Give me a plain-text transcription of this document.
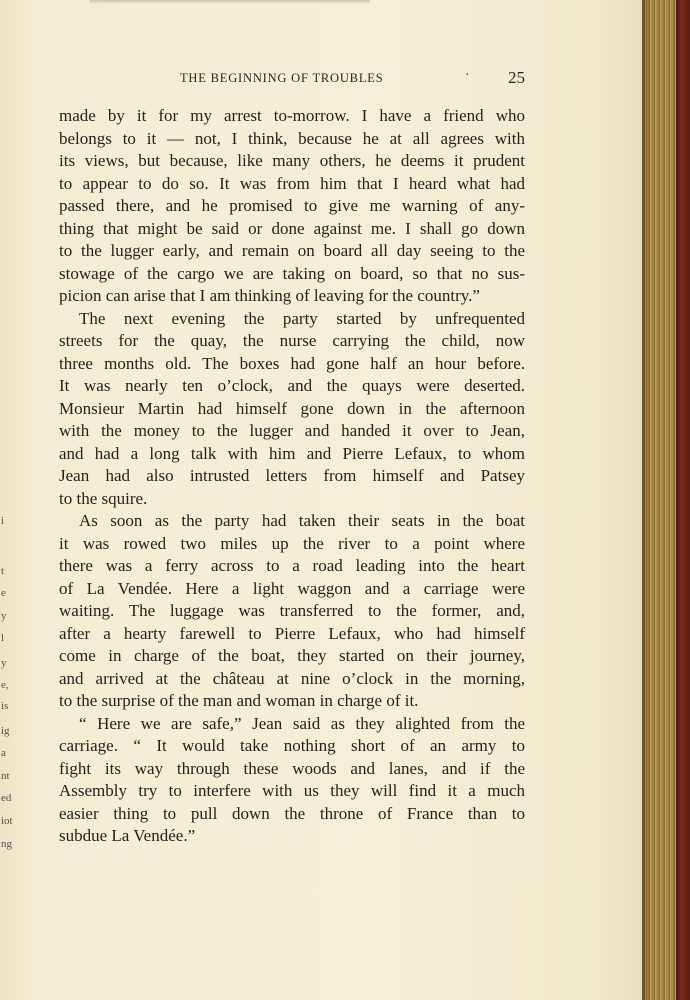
THE BEGINNING OF TROUBLES	· 25
made by it for my arrest to-morrow. I have a friend who
belongs to it — not, I think, because he at all agrees with
its views, but because, like many others, he deems it prudent
to appear to do so. It was from him that I heard what had
passed there, and he promised to give me warning of any-
thing that might be said or done against me. I shall go down
to the lugger early, and remain on board all day seeing to the
stowage of the cargo we are taking on board, so that no sus-
picion can arise that I am thinking of leaving for the country.”
The next evening the party started by unfrequented
streets for the quay, the nurse carrying the child, now
three months old. The boxes had gone half an hour before.
It was nearly ten o’clock, and the quays were deserted.
Monsieur Martin had himself gone down in the afternoon
with the money to the lugger and handed it over to Jean,
and had a long talk with him and Pierre Lefaux, to whom
Jean had also intrusted letters from himself and Patsey
to the squire.
As soon as the party had taken their seats in the boat
it was rowed two miles up the river to a point where
there was a ferry across to a road leading into the heart
of La Vendée. Here a light waggon and a carriage were
waiting. The luggage was transferred to the former, and,
after a hearty farewell to Pierre Lefaux, who had himself
come in charge of the boat, they started on their journey,
and arrived at the château at nine o’clock in the morning,
to the surprise of the man and woman in charge of it.
“ Here we are safe,” Jean said as they alighted from the
carriage. “ It would take nothing short of an army to
fight its way through these woods and lanes, and if the
Assembly try to interfere with us they will find it a much
easier thing to pull down the throne of France than to
subdue La Vendée.”
i
t
e
y
l
y
e,
is
ig
a
nt
ed
iot
ng
